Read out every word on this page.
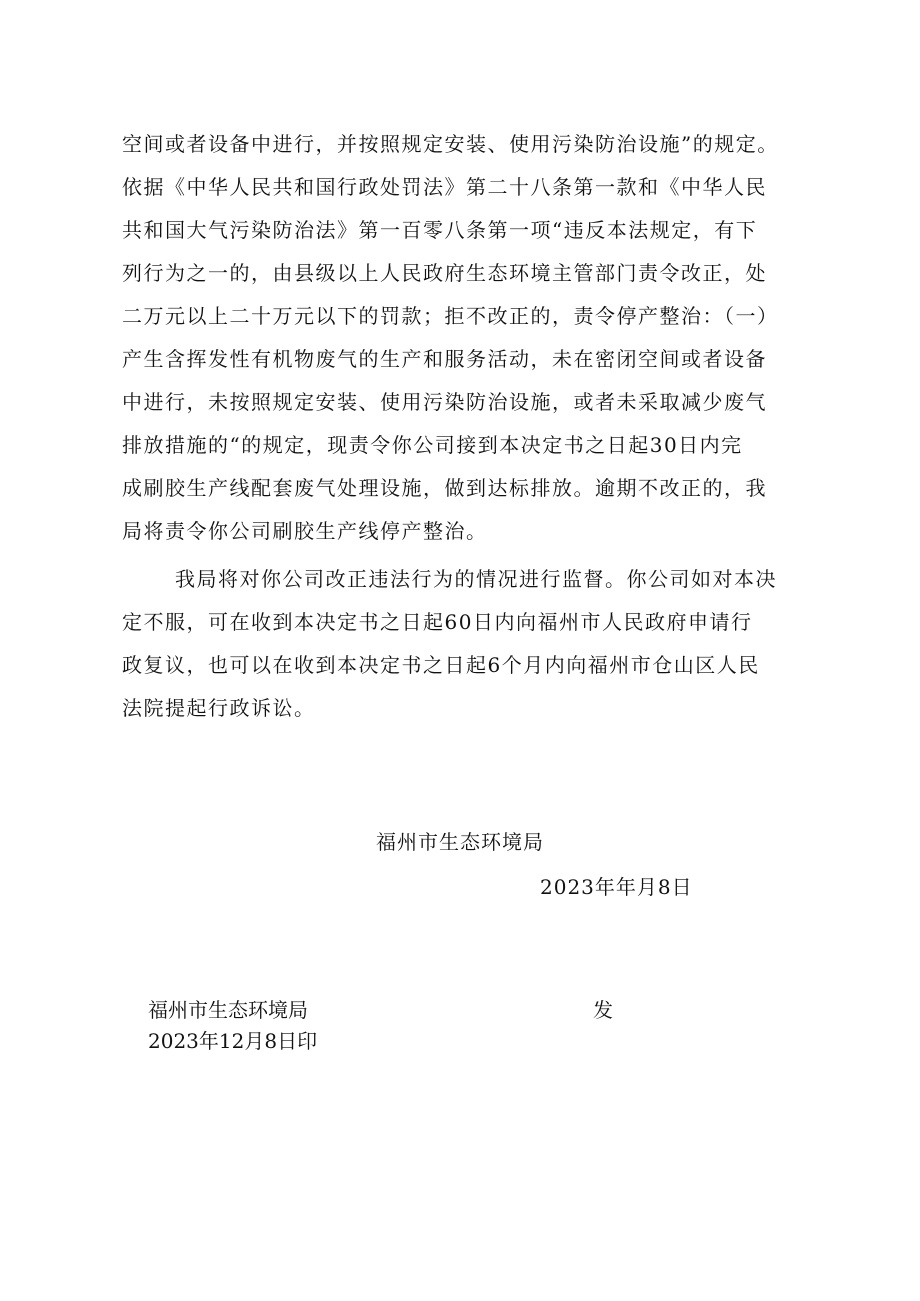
空间或者设备中进行，并按照规定安装、使用污染防治设施”的规定。
依据《中华人民共和国行政处罚法》第二十八条第一款和《中华人民
共和国大气污染防治法》第一百零八条第一项“违反本法规定，有下
列行为之一的，由县级以上人民政府生态环境主管部门责令改正，处
二万元以上二十万元以下的罚款；拒不改正的，责令停产整治：（一）
产生含挥发性有机物废气的生产和服务活动，未在密闭空间或者设备
中进行，未按照规定安装、使用污染防治设施，或者未采取减少废气
排放措施的“的规定，现责令你公司接到本决定书之日起30日内完
成刷胶生产线配套废气处理设施，做到达标排放。逾期不改正的，我
局将责令你公司刷胶生产线停产整治。
我局将对你公司改正违法行为的情况进行监督。你公司如对本决
定不服，可在收到本决定书之日起60日内向福州市人民政府申请行
政复议，也可以在收到本决定书之日起6个月内向福州市仓山区人民
法院提起行政诉讼。
福州市生态环境局
2023年年月8日
福州市生态环境局	发
2023年12月8日印
